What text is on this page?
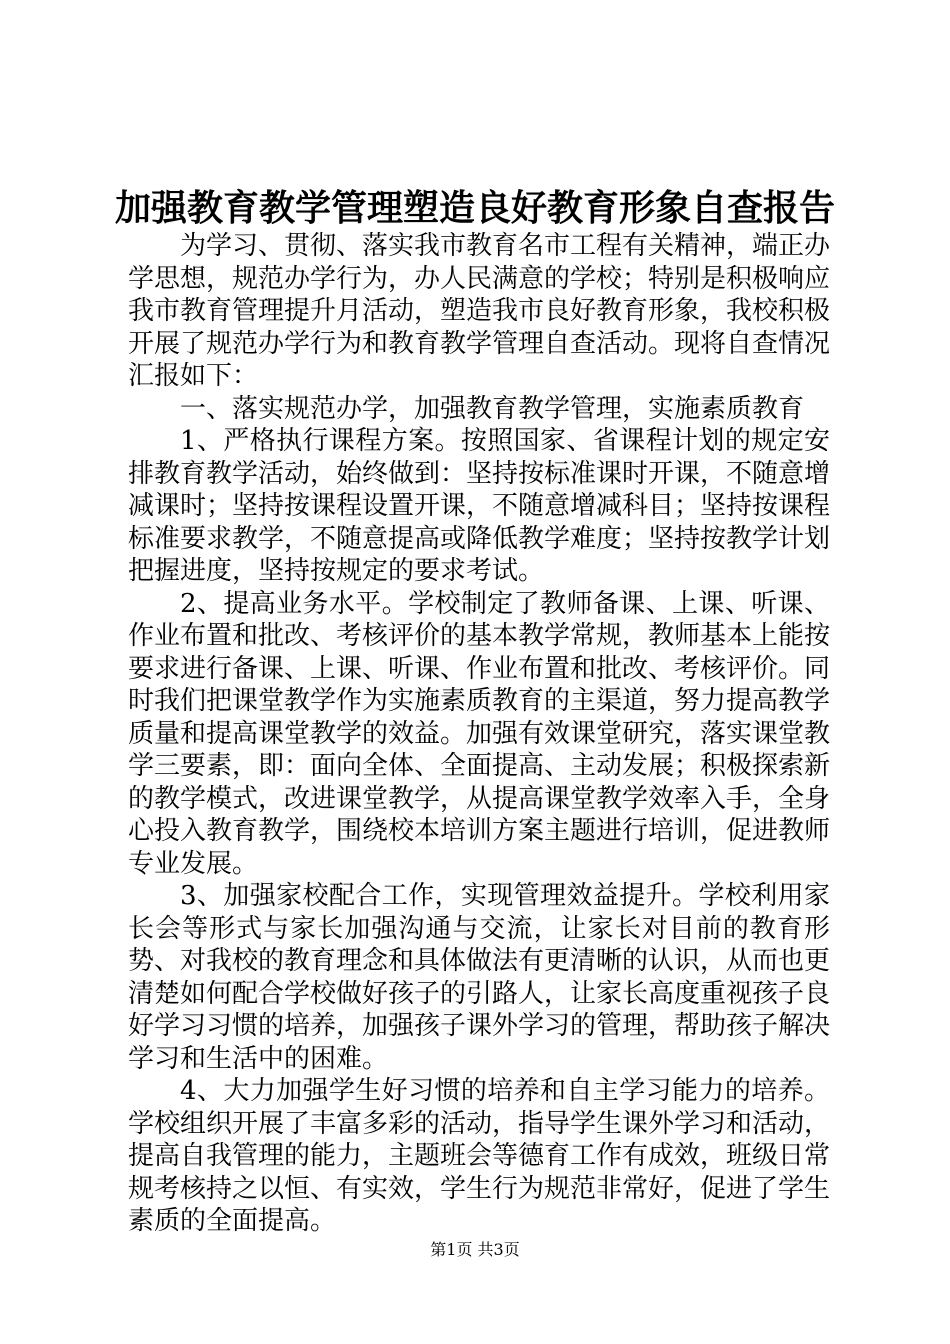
加强教育教学管理塑造良好教育形象自查报告

为学习、贯彻、落实我市教育名市工程有关精神，端正办学思想，规范办学行为，办人民满意的学校；特别是积极响应我市教育管理提升月活动，塑造我市良好教育形象，我校积极开展了规范办学行为和教育教学管理自查活动。现将自查情况汇报如下：

一、落实规范办学，加强教育教学管理，实施素质教育

1、严格执行课程方案。按照国家、省课程计划的规定安排教育教学活动，始终做到：坚持按标准课时开课，不随意增减课时；坚持按课程设置开课，不随意增减科目；坚持按课程标准要求教学，不随意提高或降低教学难度；坚持按教学计划把握进度，坚持按规定的要求考试。

2、提高业务水平。学校制定了教师备课、上课、听课、作业布置和批改、考核评价的基本教学常规，教师基本上能按要求进行备课、上课、听课、作业布置和批改、考核评价。同时我们把课堂教学作为实施素质教育的主渠道，努力提高教学质量和提高课堂教学的效益。加强有效课堂研究，落实课堂教学三要素，即：面向全体、全面提高、主动发展；积极探索新的教学模式，改进课堂教学，从提高课堂教学效率入手，全身心投入教育教学，围绕校本培训方案主题进行培训，促进教师专业发展。

3、加强家校配合工作，实现管理效益提升。学校利用家长会等形式与家长加强沟通与交流，让家长对目前的教育形势、对我校的教育理念和具体做法有更清晰的认识，从而也更清楚如何配合学校做好孩子的引路人，让家长高度重视孩子良好学习习惯的培养，加强孩子课外学习的管理，帮助孩子解决学习和生活中的困难。

4、大力加强学生好习惯的培养和自主学习能力的培养。学校组织开展了丰富多彩的活动，指导学生课外学习和活动，提高自我管理的能力，主题班会等德育工作有成效，班级日常规考核持之以恒、有实效，学生行为规范非常好，促进了学生素质的全面提高。

第1页 共3页
